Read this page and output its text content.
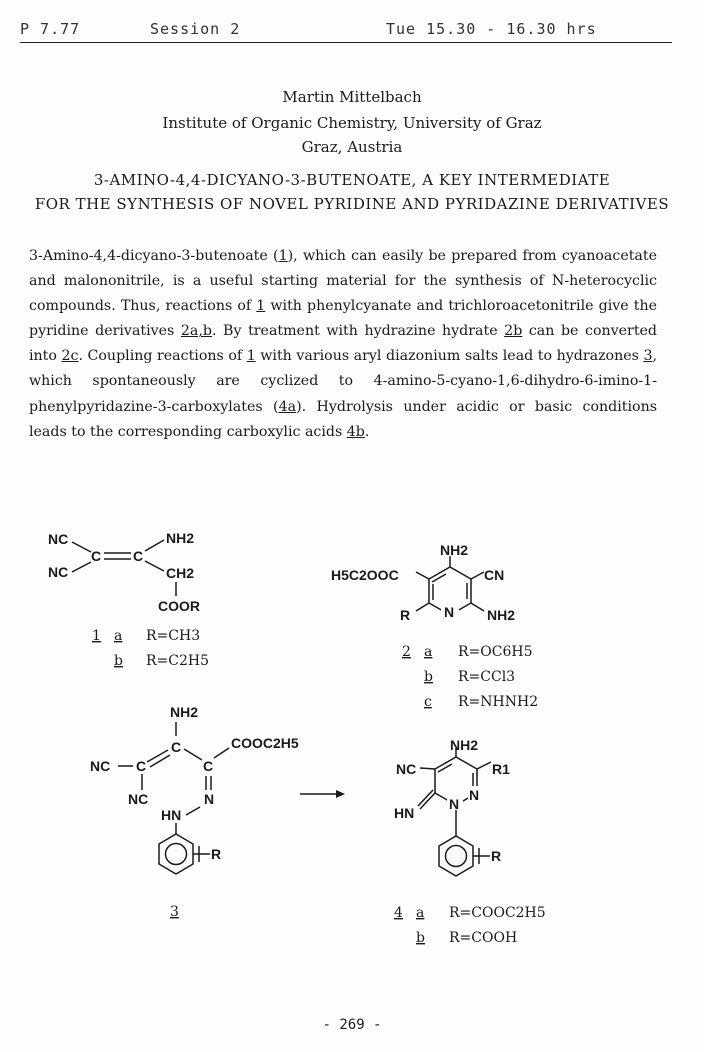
P 7.77	Session 2	Tue 15.30 - 16.30 hrs
Martin Mittelbach
Institute of Organic Chemistry, University of Graz
Graz, Austria
3-AMINO-4,4-DICYANO-3-BUTENOATE, A KEY INTERMEDIATE
FOR THE SYNTHESIS OF NOVEL PYRIDINE AND PYRIDAZINE DERIVATIVES

3-Amino-4,4-dicyano-3-butenoate (1), which can easily be prepared from cyanoacetate and malononitrile, is a useful starting material for the synthesis of N-heterocyclic compounds. Thus, reactions of 1 with phenylcyanate and trichloroacetonitrile give the pyridine derivatives 2a,b. By treatment with hydrazine hydrate 2b can be converted into 2c. Coupling reactions of 1 with various aryl diazonium salts lead to hydrazones 3, which spontaneously are cyclized to 4-amino-5-cyano-1,6-dihydro-6-imino-1-phenylpyridazine-3-carboxylates (4a). Hydrolysis under acidic or basic conditions leads to the corresponding carboxylic acids 4b.

NC
NC
C C
NH2
CH2
COOR
1 a R=CH3
b R=C2H5
NH2
H5C2OOC	CN
R N NH2
2 a R=OC6H5
b R=CCl3
c R=NHNH2
NH2
C
C	C
COOC2H5
NC
NC	N
HN
R
3
NH2
NC	R1
N
N
HN
R
4 a R=COOC2H5
b R=COOH
- 269 -
